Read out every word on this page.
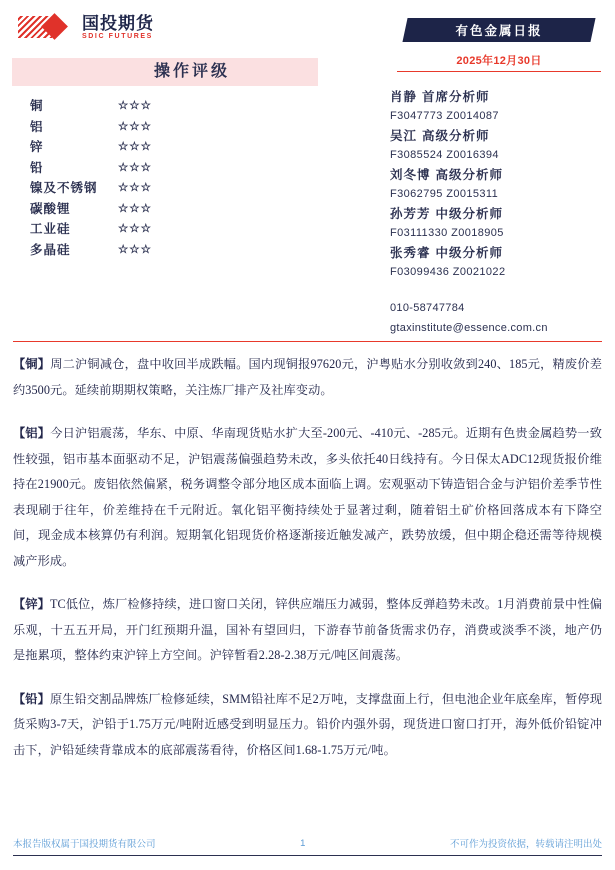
国投期货
SDIC FUTURES	有色金属日报
2025年12月30日
操作评级
铜	☆☆☆
铝	☆☆☆
锌	☆☆☆
铅	☆☆☆
镍及不锈钢	☆☆☆
碳酸锂	☆☆☆
工业硅	☆☆☆
多晶硅	☆☆☆
肖静 首席分析师
F3047773 Z0014087
吴江 高级分析师
F3085524 Z0016394
刘冬博 高级分析师
F3062795 Z0015311
孙芳芳 中级分析师
F03111330 Z0018905
张秀睿 中级分析师
F03099436 Z0021022
010-58747784
gtaxinstitute@essence.com.cn

【铜】周二沪铜减仓，盘中收回半成跌幅。国内现铜报97620元，沪粤贴水分别收敛到240、185元，精废价差约3500元。延续前期期权策略，关注炼厂排产及社库变动。

【铝】今日沪铝震荡，华东、中原、华南现货贴水扩大至-200元、-410元、-285元。近期有色贵金属趋势一致性较强，铝市基本面驱动不足，沪铝震荡偏强趋势未改，多头依托40日线持有。今日保太ADC12现货报价维持在21900元。废铝依然偏紧，税务调整令部分地区成本面临上调。宏观驱动下铸造铝合金与沪铝价差季节性表现刷于往年，价差维持在千元附近。氧化铝平衡持续处于显著过剩，随着铝土矿价格回落成本有下降空间，现金成本核算仍有利润。短期氧化铝现货价格逐渐接近触发减产，跌势放缓，但中期企稳还需等待规模减产形成。

【锌】TC低位，炼厂检修持续，进口窗口关闭，锌供应端压力减弱，整体反弹趋势未改。1月消费前景中性偏乐观，十五五开局，开门红预期升温，国补有望回归，下游春节前备货需求仍存，消费或淡季不淡，地产仍是拖累项，整体约束沪锌上方空间。沪锌暂看2.28-2.38万元/吨区间震荡。

【铅】原生铅交割品牌炼厂检修延续，SMM铅社库不足2万吨，支撑盘面上行，但电池企业年底垒库，暂停现货采购3-7天，沪铅于1.75万元/吨附近感受到明显压力。铅价内强外弱，现货进口窗口打开，海外低价铅锭冲击下，沪铅延续背靠成本的底部震荡看待，价格区间1.68-1.75万元/吨。

本报告版权属于国投期货有限公司	1	不可作为投资依据，转载请注明出处
